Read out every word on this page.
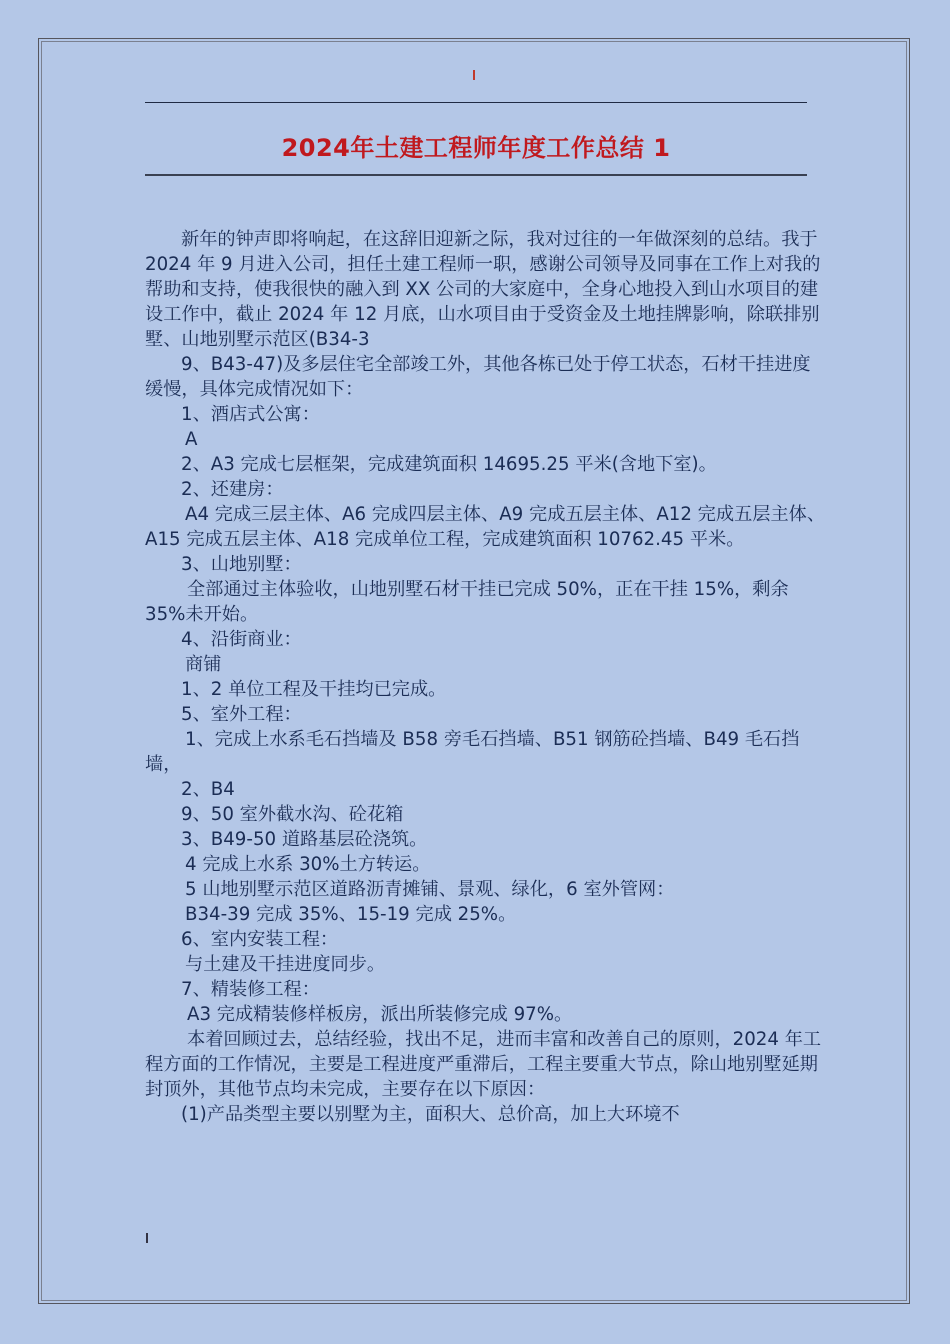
2024年土建工程师年度工作总结 1

新年的钟声即将响起，在这辞旧迎新之际，我对过往的一年做深刻的总结。我于 2024 年 9 月进入公司，担任土建工程师一职，感谢公司领导及同事在工作上对我的帮助和支持，使我很快的融入到 XX 公司的大家庭中，全身心地投入到山水项目的建设工作中，截止 2024 年 12 月底，山水项目由于受资金及土地挂牌影响，除联排别墅、山地别墅示范区(B34-3

9、B43-47)及多层住宅全部竣工外，其他各栋已处于停工状态，石材干挂进度缓慢，具体完成情况如下：

1、酒店式公寓：

A

2、A3 完成七层框架，完成建筑面积 14695.25 平米(含地下室)。

2、还建房：

A4 完成三层主体、A6 完成四层主体、A9 完成五层主体、A12 完成五层主体、A15 完成五层主体、A18 完成单位工程，完成建筑面积 10762.45 平米。

3、山地别墅：

全部通过主体验收，山地别墅石材干挂已完成 50%，正在干挂 15%，剩余 35%未开始。

4、沿街商业：

商铺

1、2 单位工程及干挂均已完成。

5、室外工程：

1、完成上水系毛石挡墙及 B58 旁毛石挡墙、B51 钢筋砼挡墙、B49 毛石挡墙，

2、B4

9、50 室外截水沟、砼花箱

3、B49-50 道路基层砼浇筑。

4 完成上水系 30%土方转运。

5 山地别墅示范区道路沥青摊铺、景观、绿化，6 室外管网：

B34-39 完成 35%、15-19 完成 25%。

6、室内安装工程：

与土建及干挂进度同步。

7、精装修工程：

A3 完成精装修样板房，派出所装修完成 97%。

本着回顾过去，总结经验，找出不足，进而丰富和改善自己的原则，2024 年工程方面的工作情况，主要是工程进度严重滞后，工程主要重大节点，除山地别墅延期封顶外，其他节点均未完成，主要存在以下原因：

(1)产品类型主要以别墅为主，面积大、总价高，加上大环境不
